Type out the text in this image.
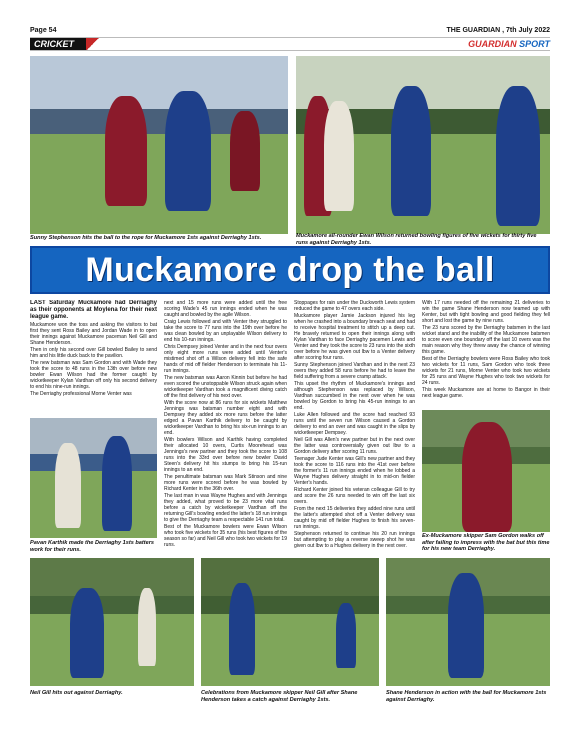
Page 54	THE GUARDIAN , 7th July 2022
CRICKET	GUARDIAN SPORT
Sunny Stephenson hits the ball to the rope for Muckamore 1sts against Derriaghy 1sts.	Muckamore all-rounder Ewan Wilson returned bowling figures of five wickets for thirty five runs against Derriaghy 1sts.
Muckamore drop the ball

LAST Saturday Muckamore had Derriaghy as their opponents at Moylena for their next league game.

Muckamore won the toss and asking the visitors to bat first they sent Ross Bailey and Jordan Wade in to open their innings against Muckamore paceman Neil Gill and Shane Henderson.

Then in only his second over Gill bowled Bailey to send him and his little duck back to the pavilion.

The new batsman was Sam Gordon and with Wade they took the score to 48 runs in the 13th over before new bowler Ewan Wilson had the former caught by wicketkeeper Kylan Vardhan off only his second delivery to end his nine-run innings.

The Derriaghy professional Morne Venter was

next and 15 more runs were added until the free scoring Wade's 45 run innings ended when he was caught and bowled by the agile Wilson.

Craig Lewis followed and with Venter they struggled to take the score to 77 runs into the 19th over before he was clean bowled by an unplayable Wilson delivery to end his 10-run innings.

Chris Dempsey joined Venter and in the next four overs only eight more runs were added until Venter's mistimed shot off a Wilson delivery fell into the safe hands of mid off fielder Henderson to terminate his 11-run innings.

The new batsman was Aaron Kinnin but before he had even scored the unstoppable Wilson struck again when wicketkeeper Vardhan took a magnificent diving catch off the first delivery of his next over.

With the score now at 86 runs for six wickets Matthew Jennings was batsman number eight and with Dempsey they added six more runs before the latter edged a Pavan Karthik delivery to be caught by wicketkeeper Vardhan to bring his six-run innings to an end.

With bowlers Wilson and Karthik having completed their allocated 10 overs, Curtis Moorehead was Jennings's new partner and they took the score to 108 runs into the 33rd over before new bowler David Steen's delivery hit his stumps to bring his 15-run innings to an end.

The penultimate batsman was Mark Stinson and nine more runs were scored before he was bowled by Richard Kenter in the 36th over.

The last man in was Wayne Hughes and with Jennings they added, what proved to be 23 more vital runs before a catch by wicketkeeper Vardhan off the returning Gill's bowling ended the latter's 18 run innings to give the Derriaghy team a respectable 141 run total.

Best of the Muckamore bowlers were Ewan Wilson who took five wickets for 35 runs (his best figures of the season so far) and Neil Gill who took two wickets for 19 runs.

Stoppages for rain under the Duckworth Lewis system reduced the game to 47 overs each side.

Muckamore player Jamie Jackson injured his leg when he crashed into a boundary breach seat and had to receive hospital treatment to stitch up a deep cut. He bravely returned to open their innings along with Kylan Vardhan to face Derriaghy pacemen Lewis and Venter and they took the score to 23 runs into the sixth over before he was given out lbw to a Venter delivery after scoring four runs.

Sunny Stephenson joined Vardhan and in the next 23 overs they added 58 runs before he had to leave the field suffering from a severe cramp attack.

This upset the rhythm of Muckamore's innings and although Stephenson was replaced by Wilson, Vardhan succumbed in the next over when he was bowled by Gordon to bring his 45-run innings to an end.

Luke Allen followed and the score had reached 93 runs until the seven run Wilson caused a Gordon delivery to end an over and was caught in the slips by wicketkeeper Dempsey.

Neil Gill was Allen's new partner but in the next over the latter was controversially given out lbw to a Gordon delivery after scoring 11 runs.

Teenager Jude Kenter was Gill's new partner and they took the score to 116 runs into the 41st over before the former's 11 run innings ended when he lobbed a Wayne Hughes delivery straight in to mid-on fielder Venter's hands.

Richard Kenter joined his veteran colleague Gill to try and score the 26 runs needed to win off the last six overs.

From the next 15 deliveries they added nine runs until the latter's attempted shot off a Venter delivery was caught by mid off fielder Hughes to finish his seven-run innings.

Stephenson returned to continue his 20 run innings but attempting to play a reverse sweep shot he was given out lbw to a Hughes delivery in the next over.

With 17 runs needed off the remaining 21 deliveries to win the game Shane Henderson now teamed up with Kenter, but with tight bowling and good fielding they fell short and lost the game by nine runs.

The 23 runs scored by the Derriaghy batsmen in the last wicket stand and the inability of the Muckamore batsmen to score even one boundary off the last 10 overs was the main reason why they threw away the chance of winning this game.

Best of the Derriaghy bowlers were Ross Bailey who took two wickets for 11 runs, Sam Gordon who took three wickets for 21 runs, Morne Venter who took two wickets for 25 runs and Wayne Hughes who took two wickets for 24 runs.

This week Muckamore are at home to Bangor in their next league game.

Pavan Karthik made the Derriaghy 1sts batters work for their runs.
Ex-Muckamore skipper Sam Gordon walks off after failing to impress with the bat but this time for his new team Derriaghy.
Neil Gill hits out against Derriaghy.	Celebrations from Muckamore skipper Neil Gill after Shane Henderson takes a catch against Derriaghy 1sts.
Shane Henderson in action with the ball for Muckamore 1sts against Derriaghy.
